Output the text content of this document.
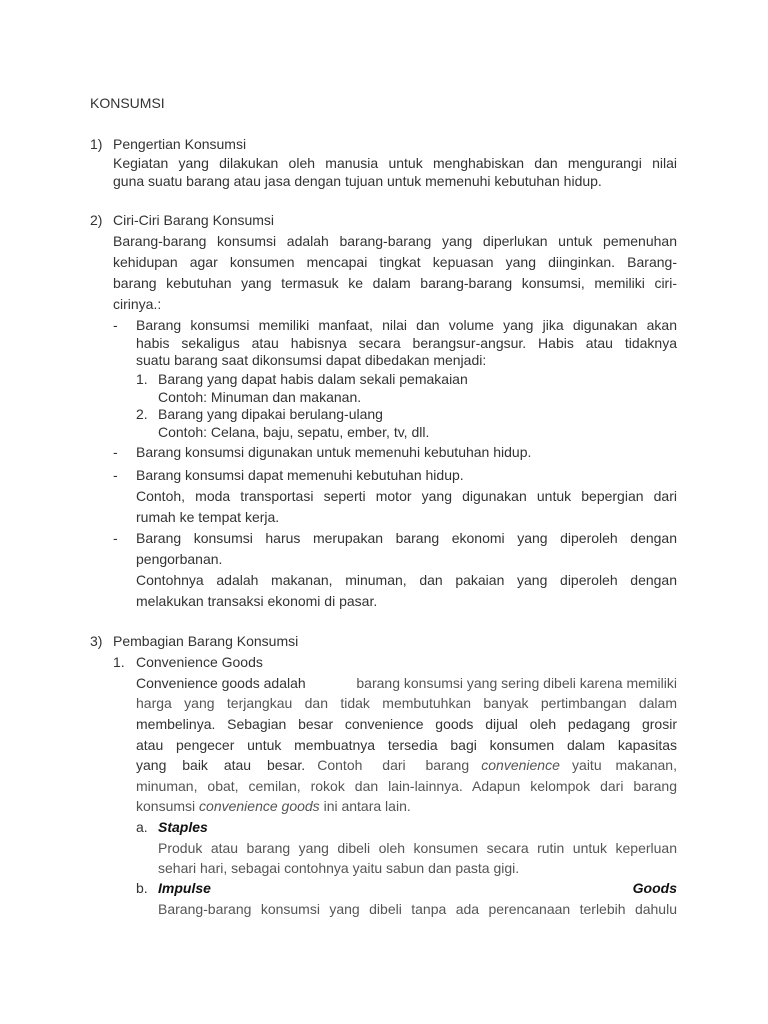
KONSUMSI
1) Pengertian Konsumsi
Kegiatan yang dilakukan oleh manusia untuk menghabiskan dan mengurangi nilai
guna suatu barang atau jasa dengan tujuan untuk memenuhi kebutuhan hidup.
2) Ciri-Ciri Barang Konsumsi
Barang-barang konsumsi adalah barang-barang yang diperlukan untuk pemenuhan
kehidupan agar konsumen mencapai tingkat kepuasan yang diinginkan. Barang-
barang kebutuhan yang termasuk ke dalam barang-barang konsumsi, memiliki ciri-
cirinya.:
- Barang konsumsi memiliki manfaat, nilai dan volume yang jika digunakan akan
habis sekaligus atau habisnya secara berangsur-angsur. Habis atau tidaknya
suatu barang saat dikonsumsi dapat dibedakan menjadi:
1. Barang yang dapat habis dalam sekali pemakaian
Contoh: Minuman dan makanan.
2. Barang yang dipakai berulang-ulang
Contoh: Celana, baju, sepatu, ember, tv, dll.
- Barang konsumsi digunakan untuk memenuhi kebutuhan hidup.
- Barang konsumsi dapat memenuhi kebutuhan hidup.
Contoh, moda transportasi seperti motor yang digunakan untuk bepergian dari
rumah ke tempat kerja.
- Barang konsumsi harus merupakan barang ekonomi yang diperoleh dengan
pengorbanan.
Contohnya adalah makanan, minuman, dan pakaian yang diperoleh dengan
melakukan transaksi ekonomi di pasar.
3) Pembagian Barang Konsumsi
1. Convenience Goods
Convenience goods adalah	barang konsumsi yang sering dibeli karena memiliki
harga yang terjangkau dan tidak membutuhkan banyak pertimbangan dalam
membelinya. Sebagian besar convenience goods dijual oleh pedagang grosir
atau pengecer untuk membuatnya tersedia bagi konsumen dalam kapasitas
yang baik atau besar. Contoh dari barang convenience yaitu makanan,
minuman, obat, cemilan, rokok dan lain-lainnya. Adapun kelompok dari barang
konsumsi convenience goods ini antara lain.
a. Staples
Produk atau barang yang dibeli oleh konsumen secara rutin untuk keperluan
sehari hari, sebagai contohnya yaitu sabun dan pasta gigi.
b. Impulse	Goods
Barang-barang konsumsi yang dibeli tanpa ada perencanaan terlebih dahulu
